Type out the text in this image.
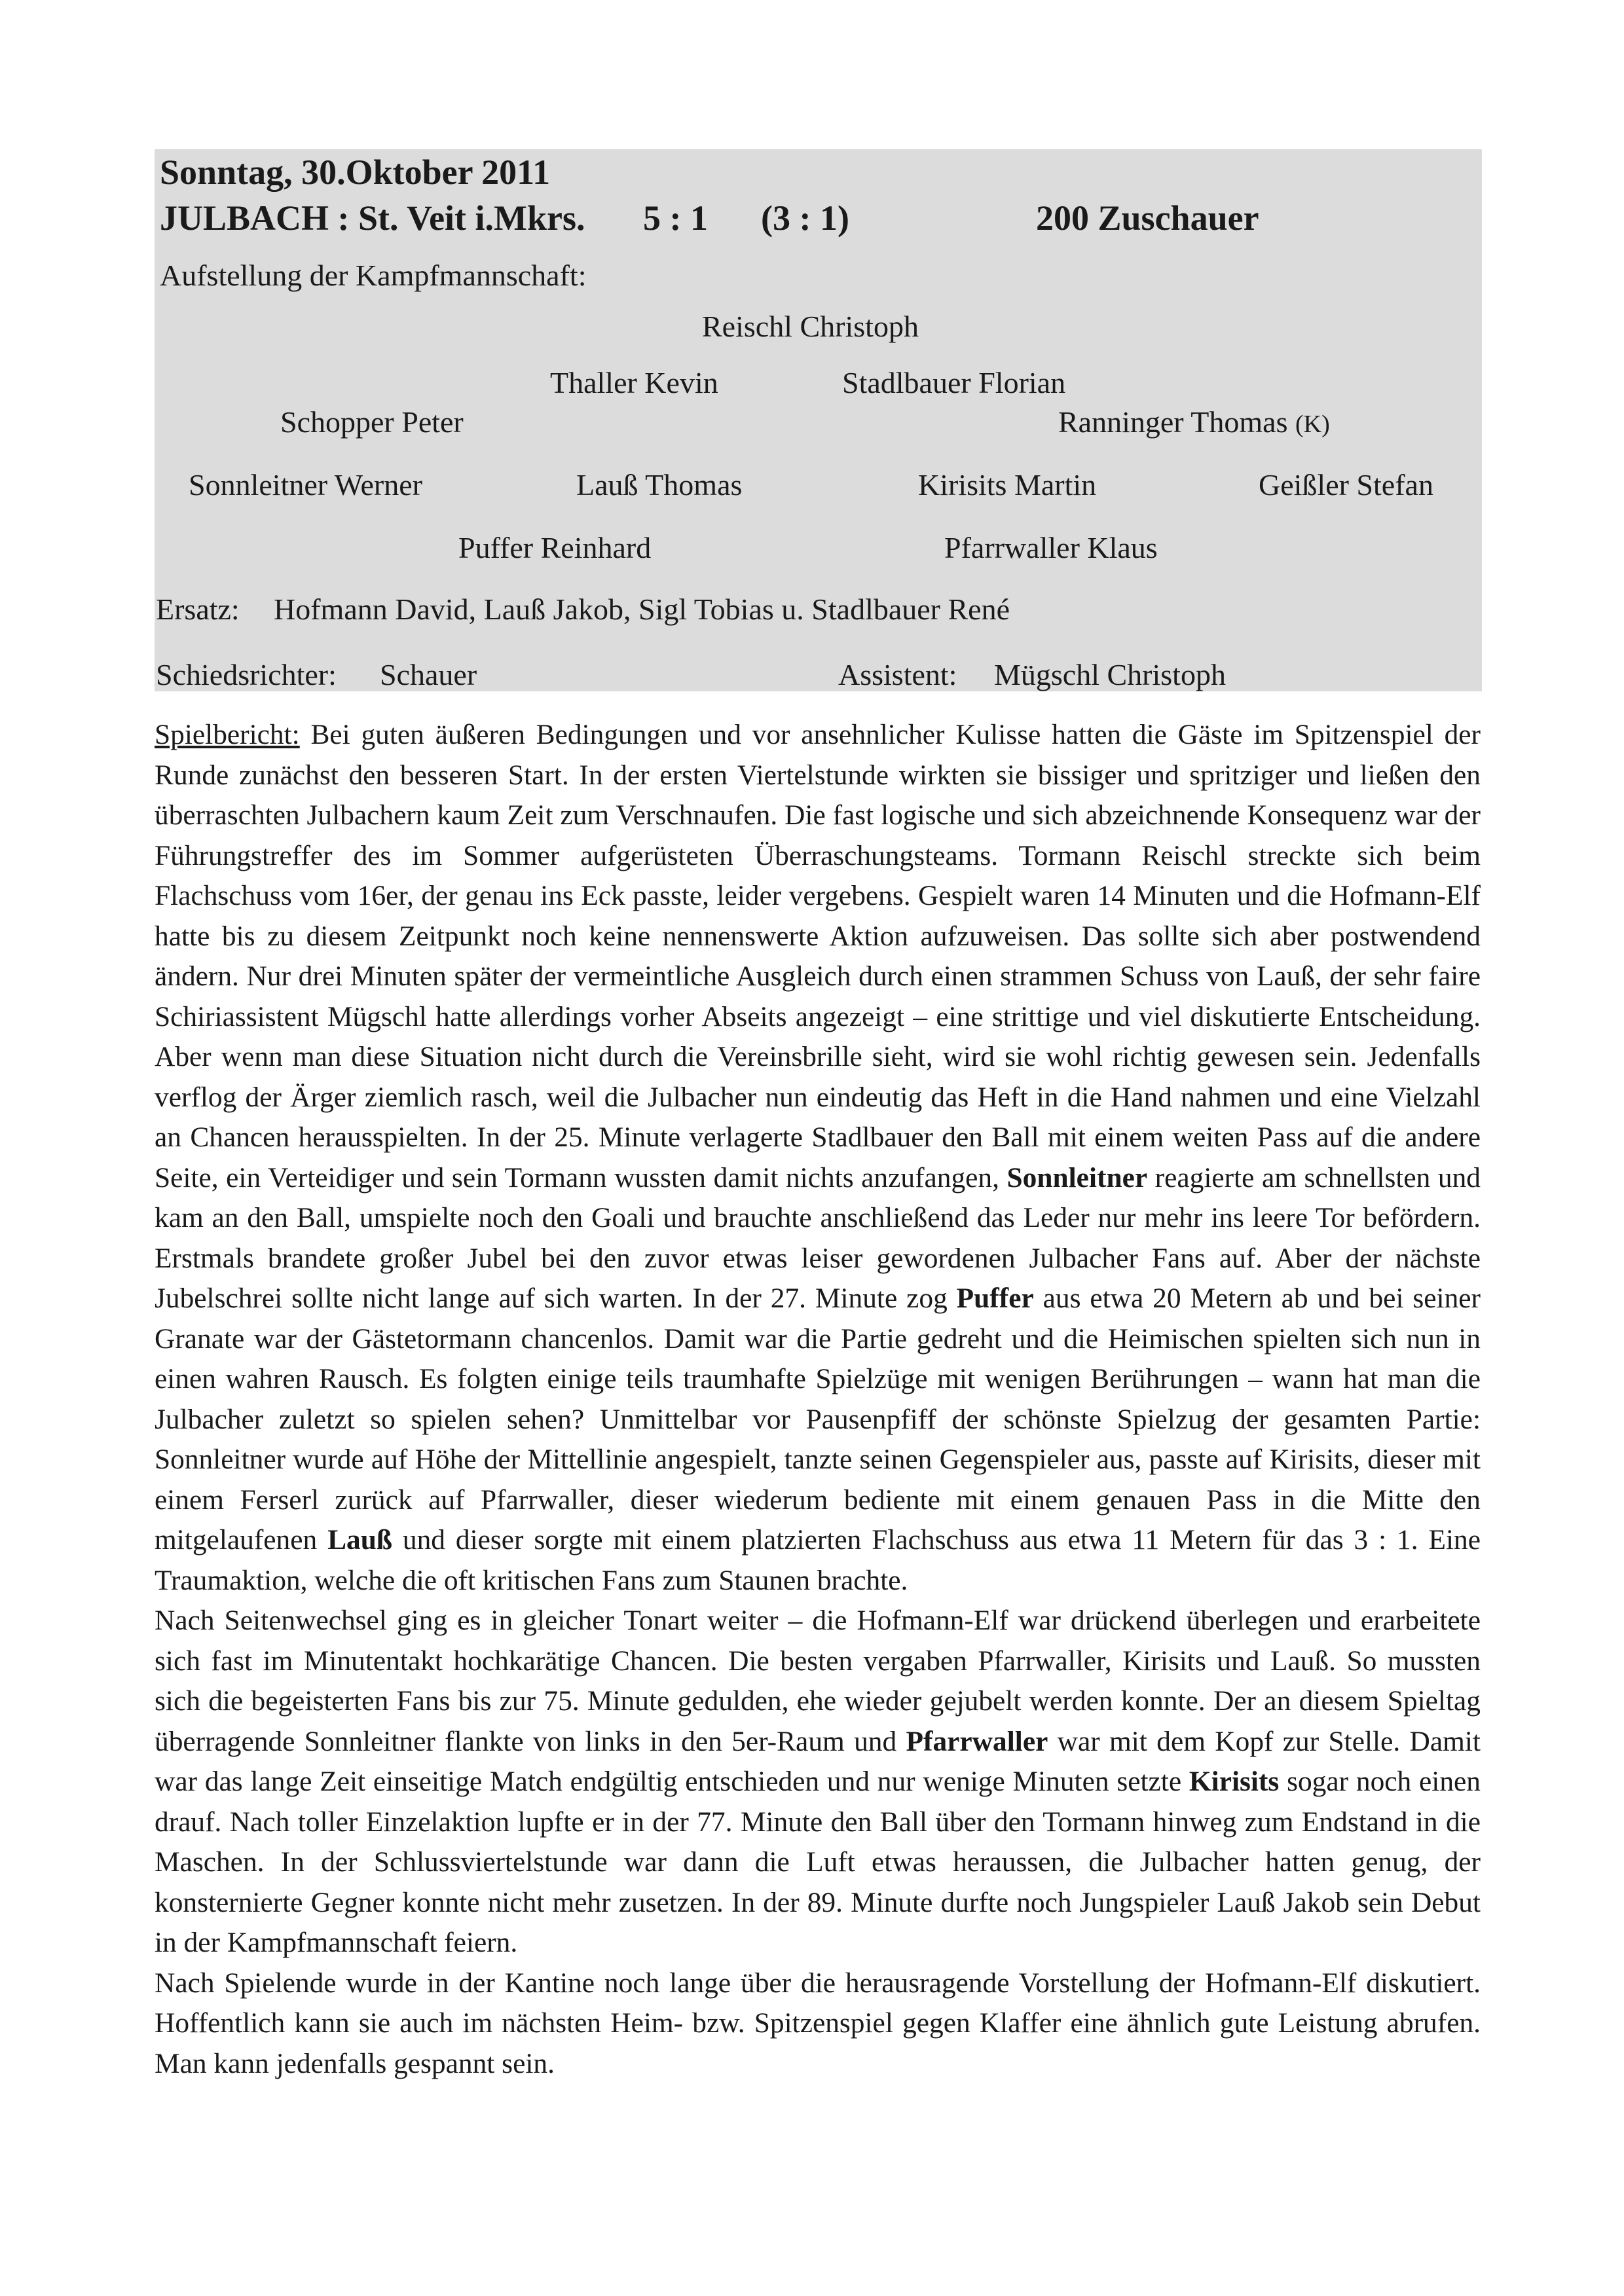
Sonntag, 30.Oktober 2011
JULBACH : St. Veit i.Mkrs. 5 : 1 (3 : 1)	200 Zuschauer
Aufstellung der Kampfmannschaft:
Reischl Christoph
Thaller Kevin	Stadlbauer Florian
Schopper Peter	Ranninger Thomas (K)
Sonnleitner Werner	Lauß Thomas	Kirisits Martin	Geißler Stefan
Puffer Reinhard	Pfarrwaller Klaus
Ersatz: Hofmann David, Lauß Jakob, Sigl Tobias u. Stadlbauer René
Schiedsrichter: Schauer	Assistent: Mügschl Christoph

Spielbericht: Bei guten äußeren Bedingungen und vor ansehnlicher Kulisse hatten die Gäste im Spitzenspiel der Runde zunächst den besseren Start. In der ersten Viertelstunde wirkten sie bissiger und spritziger und ließen den überraschten Julbachern kaum Zeit zum Verschnaufen. Die fast logische und sich abzeichnende Konsequenz war der Führungstreffer des im Sommer aufgerüsteten Überraschungsteams. Tormann Reischl streckte sich beim Flachschuss vom 16er, der genau ins Eck passte, leider vergebens. Gespielt waren 14 Minuten und die Hofmann-Elf hatte bis zu diesem Zeitpunkt noch keine nennenswerte Aktion aufzuweisen. Das sollte sich aber postwendend ändern. Nur drei Minuten später der vermeintliche Ausgleich durch einen strammen Schuss von Lauß, der sehr faire Schiriassistent Mügschl hatte allerdings vorher Abseits angezeigt – eine strittige und viel diskutierte Entscheidung. Aber wenn man diese Situation nicht durch die Vereinsbrille sieht, wird sie wohl richtig gewesen sein. Jedenfalls verflog der Ärger ziemlich rasch, weil die Julbacher nun eindeutig das Heft in die Hand nahmen und eine Vielzahl an Chancen herausspielten. In der 25. Minute verlagerte Stadlbauer den Ball mit einem weiten Pass auf die andere Seite, ein Verteidiger und sein Tormann wussten damit nichts anzufangen, Sonnleitner reagierte am schnellsten und kam an den Ball, umspielte noch den Goali und brauchte anschließend das Leder nur mehr ins leere Tor befördern. Erstmals brandete großer Jubel bei den zuvor etwas leiser gewordenen Julbacher Fans auf. Aber der nächste Jubelschrei sollte nicht lange auf sich warten. In der 27. Minute zog Puffer aus etwa 20 Metern ab und bei seiner Granate war der Gästetormann chancenlos. Damit war die Partie gedreht und die Heimischen spielten sich nun in einen wahren Rausch. Es folgten einige teils traumhafte Spielzüge mit wenigen Berührungen – wann hat man die Julbacher zuletzt so spielen sehen? Unmittelbar vor Pausenpfiff der schönste Spielzug der gesamten Partie: Sonnleitner wurde auf Höhe der Mittellinie angespielt, tanzte seinen Gegenspieler aus, passte auf Kirisits, dieser mit einem Ferserl zurück auf Pfarrwaller, dieser wiederum bediente mit einem genauen Pass in die Mitte den mitgelaufenen Lauß und dieser sorgte mit einem platzierten Flachschuss aus etwa 11 Metern für das 3 : 1. Eine Traumaktion, welche die oft kritischen Fans zum Staunen brachte.

Nach Seitenwechsel ging es in gleicher Tonart weiter – die Hofmann-Elf war drückend überlegen und erarbeitete sich fast im Minutentakt hochkarätige Chancen. Die besten vergaben Pfarrwaller, Kirisits und Lauß. So mussten sich die begeisterten Fans bis zur 75. Minute gedulden, ehe wieder gejubelt werden konnte. Der an diesem Spieltag überragende Sonnleitner flankte von links in den 5er-Raum und Pfarrwaller war mit dem Kopf zur Stelle. Damit war das lange Zeit einseitige Match endgültig entschieden und nur wenige Minuten setzte Kirisits sogar noch einen drauf. Nach toller Einzelaktion lupfte er in der 77. Minute den Ball über den Tormann hinweg zum Endstand in die Maschen. In der Schlussviertelstunde war dann die Luft etwas heraussen, die Julbacher hatten genug, der konsternierte Gegner konnte nicht mehr zusetzen. In der 89. Minute durfte noch Jungspieler Lauß Jakob sein Debut in der Kampfmannschaft feiern.

Nach Spielende wurde in der Kantine noch lange über die herausragende Vorstellung der Hofmann-Elf diskutiert. Hoffentlich kann sie auch im nächsten Heim- bzw. Spitzenspiel gegen Klaffer eine ähnlich gute Leistung abrufen. Man kann jedenfalls gespannt sein.
